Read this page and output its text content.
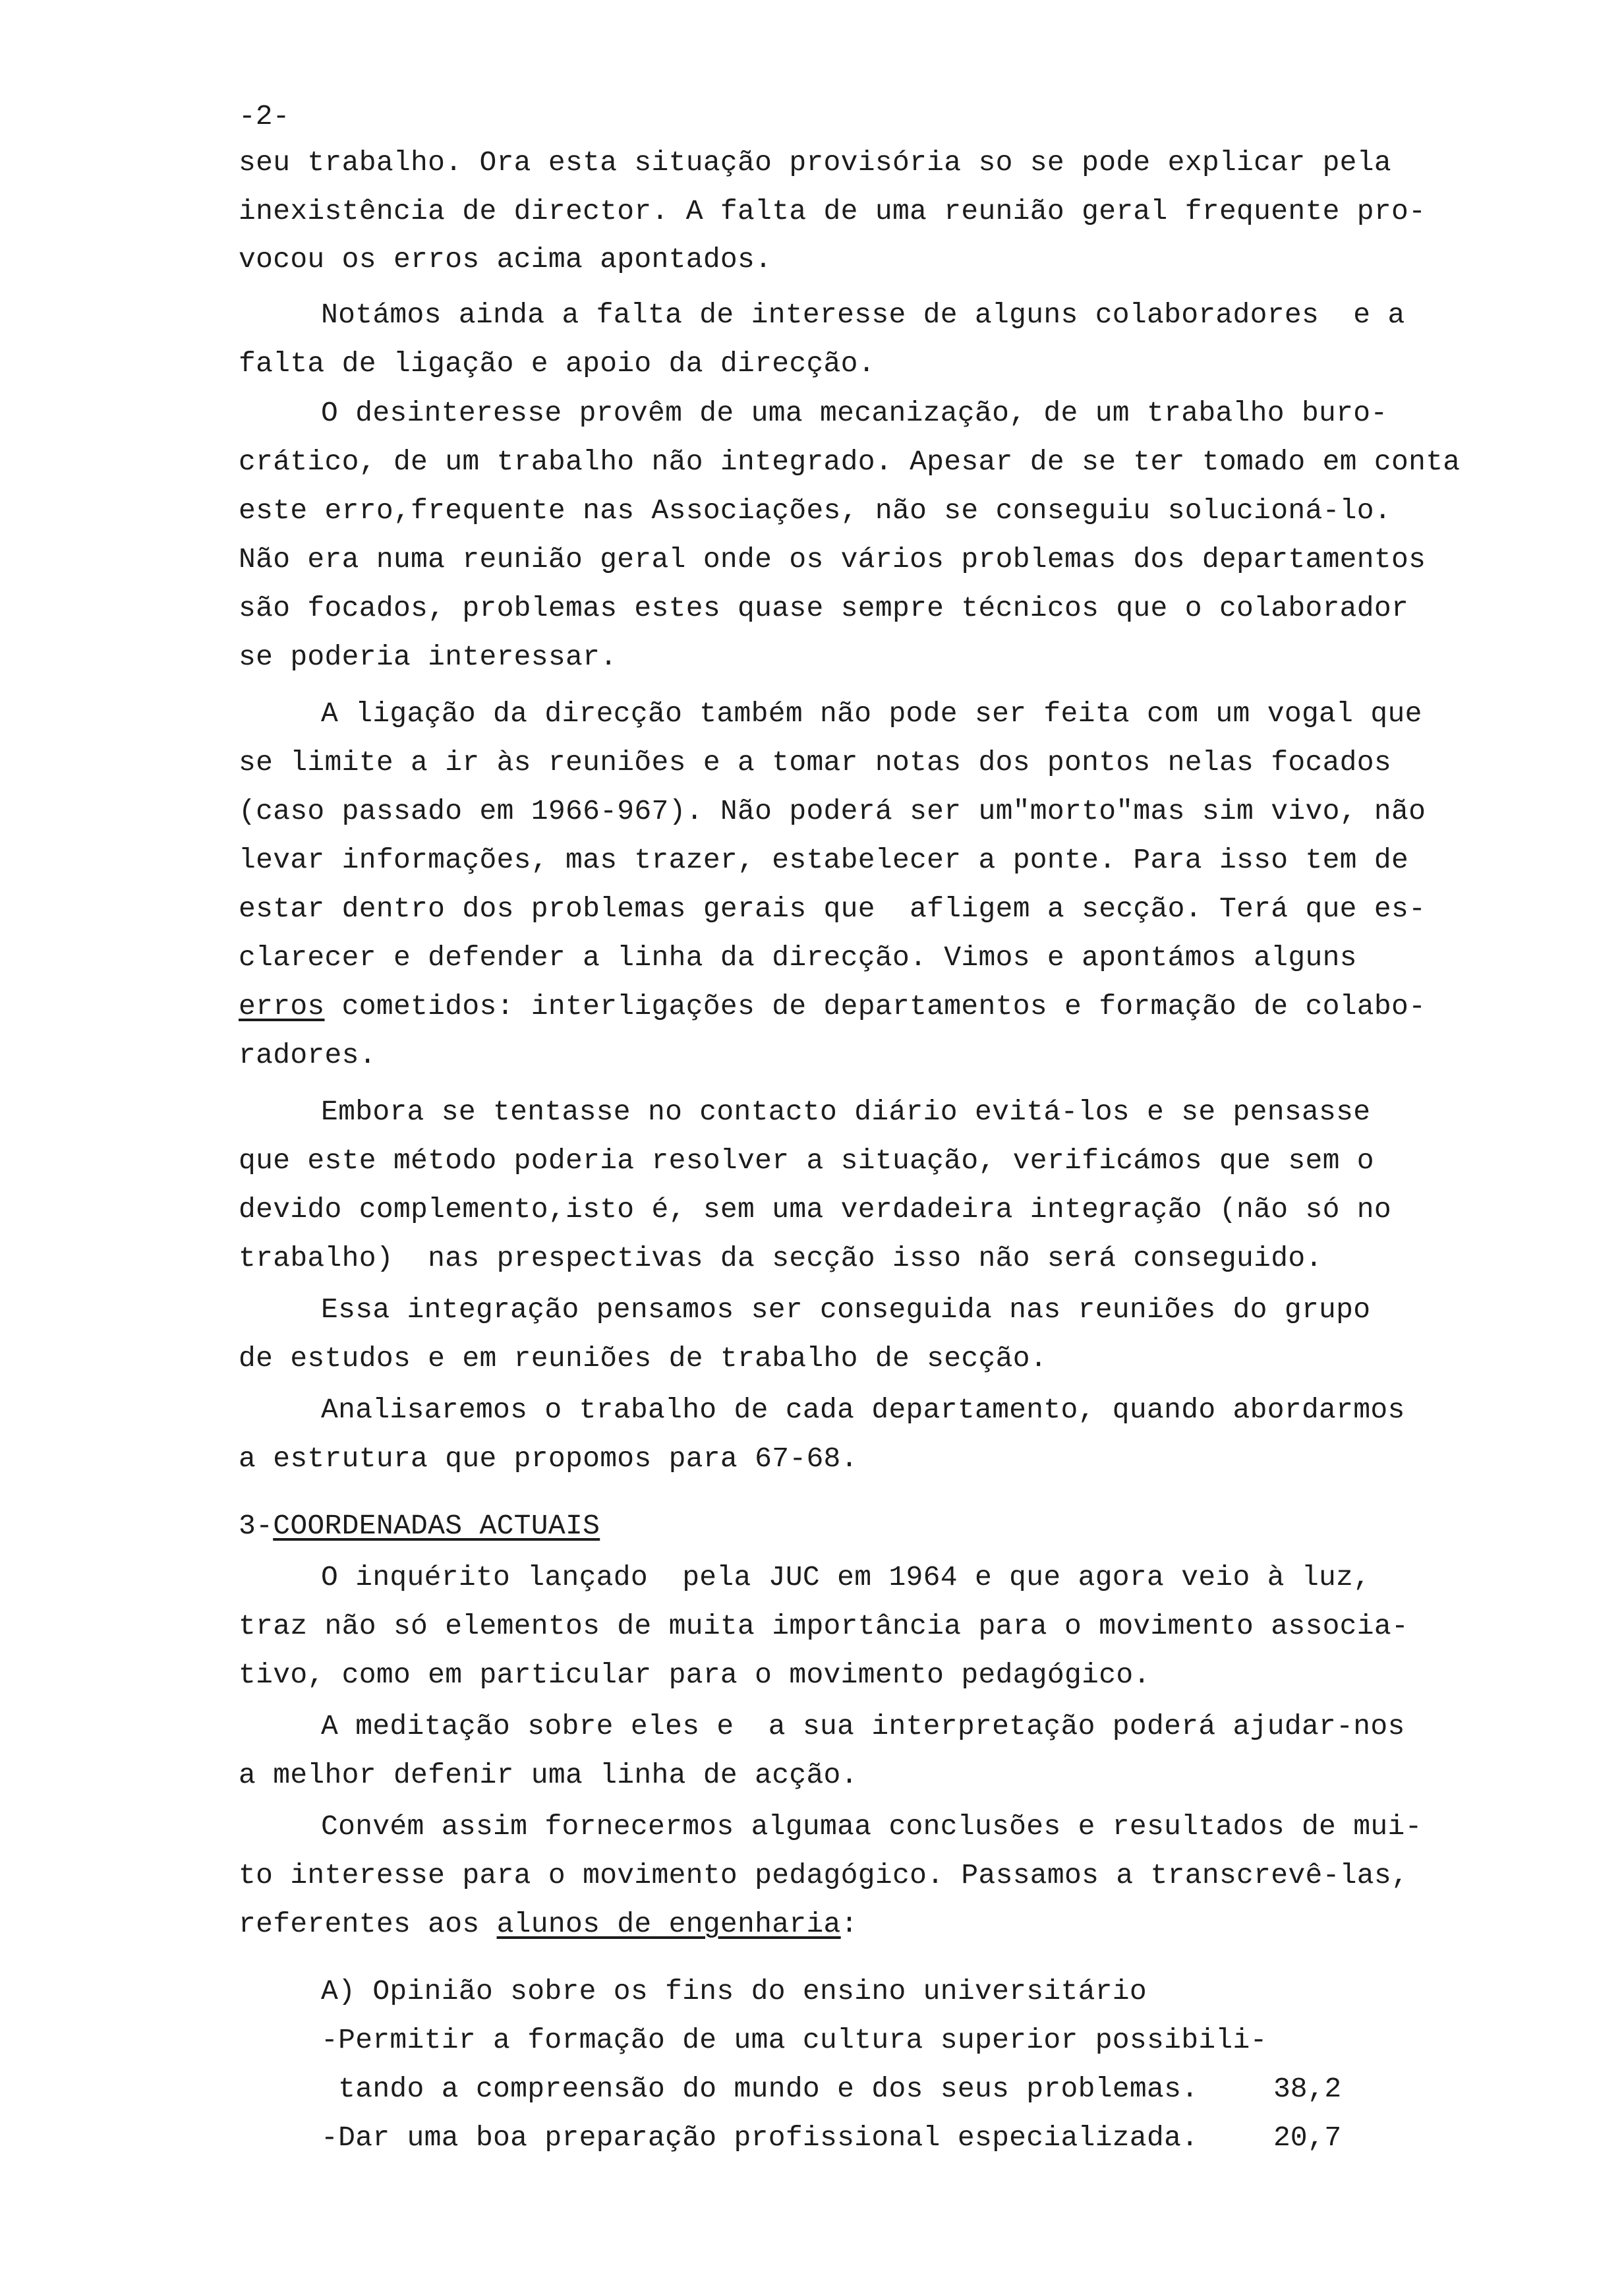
-2-
seu trabalho. Ora esta situação provisória so se pode explicar pela
inexistência de director. A falta de uma reunião geral frequente pro-
vocou os erros acima apontados.
Notámos ainda a falta de interesse de alguns colaboradores  e a
falta de ligação e apoio da direcção.
O desinteresse provêm de uma mecanização, de um trabalho buro-
crático, de um trabalho não integrado. Apesar de se ter tomado em conta
este erro,frequente nas Associações, não se conseguiu solucioná-lo.
Não era numa reunião geral onde os vários problemas dos departamentos
são focados, problemas estes quase sempre técnicos que o colaborador
se poderia interessar.
A ligação da direcção também não pode ser feita com um vogal que
se limite a ir às reuniões e a tomar notas dos pontos nelas focados
(caso passado em 1966-967). Não poderá ser um"morto"mas sim vivo, não
levar informações, mas trazer, estabelecer a ponte. Para isso tem de
estar dentro dos problemas gerais que  afligem a secção. Terá que es-
clarecer e defender a linha da direcção. Vimos e apontámos alguns
erros cometidos: interligações de departamentos e formação de colabo-
radores.
Embora se tentasse no contacto diário evitá-los e se pensasse
que este método poderia resolver a situação, verificámos que sem o
devido complemento,isto é, sem uma verdadeira integração (não só no
trabalho)  nas prespectivas da secção isso não será conseguido.
Essa integração pensamos ser conseguida nas reuniões do grupo
de estudos e em reuniões de trabalho de secção.
Analisaremos o trabalho de cada departamento, quando abordarmos
a estrutura que propomos para 67-68.
3-COORDENADAS ACTUAIS
O inquérito lançado  pela JUC em 1964 e que agora veio à luz,
traz não só elementos de muita importância para o movimento associa-
tivo, como em particular para o movimento pedagógico.
A meditação sobre eles e  a sua interpretação poderá ajudar-nos
a melhor defenir uma linha de acção.
Convém assim fornecermos algumaa conclusões e resultados de mui-
to interesse para o movimento pedagógico. Passamos a transcrevê-las,
referentes aos alunos de engenharia:
A) Opinião sobre os fins do ensino universitário
-Permitir a formação de uma cultura superior possibili-
tando a compreensão do mundo e dos seus problemas.	38,2
-Dar uma boa preparação profissional especializada.	20,7
